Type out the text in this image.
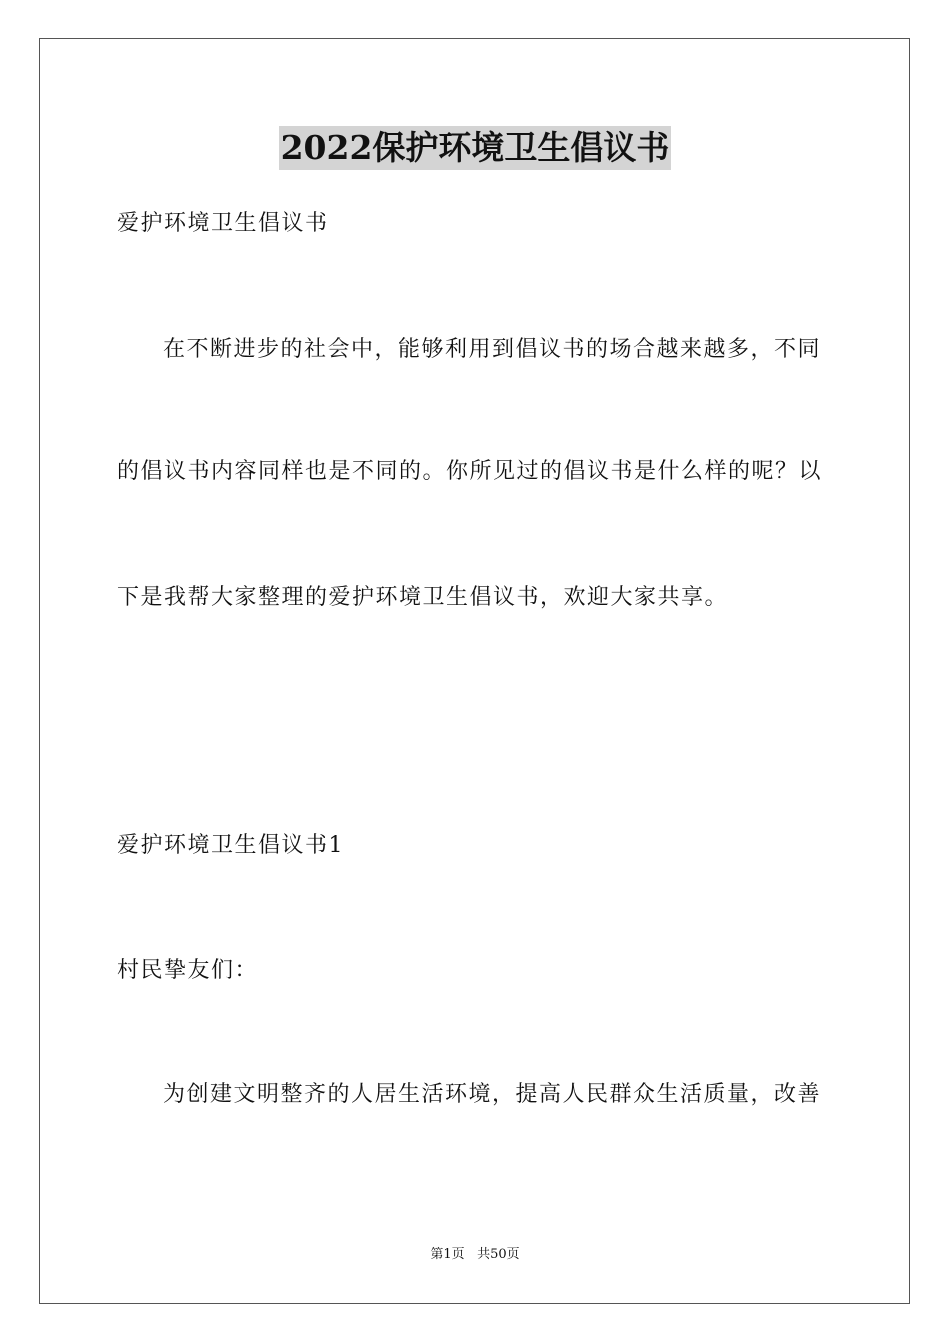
2022保护环境卫生倡议书
爱护环境卫生倡议书
在不断进步的社会中，能够利用到倡议书的场合越来越多，不同
的倡议书内容同样也是不同的。你所见过的倡议书是什么样的呢？以
下是我帮大家整理的爱护环境卫生倡议书，欢迎大家共享。
爱护环境卫生倡议书1
村民挚友们：
为创建文明整齐的人居生活环境，提高人民群众生活质量，改善
第1页 共50页
